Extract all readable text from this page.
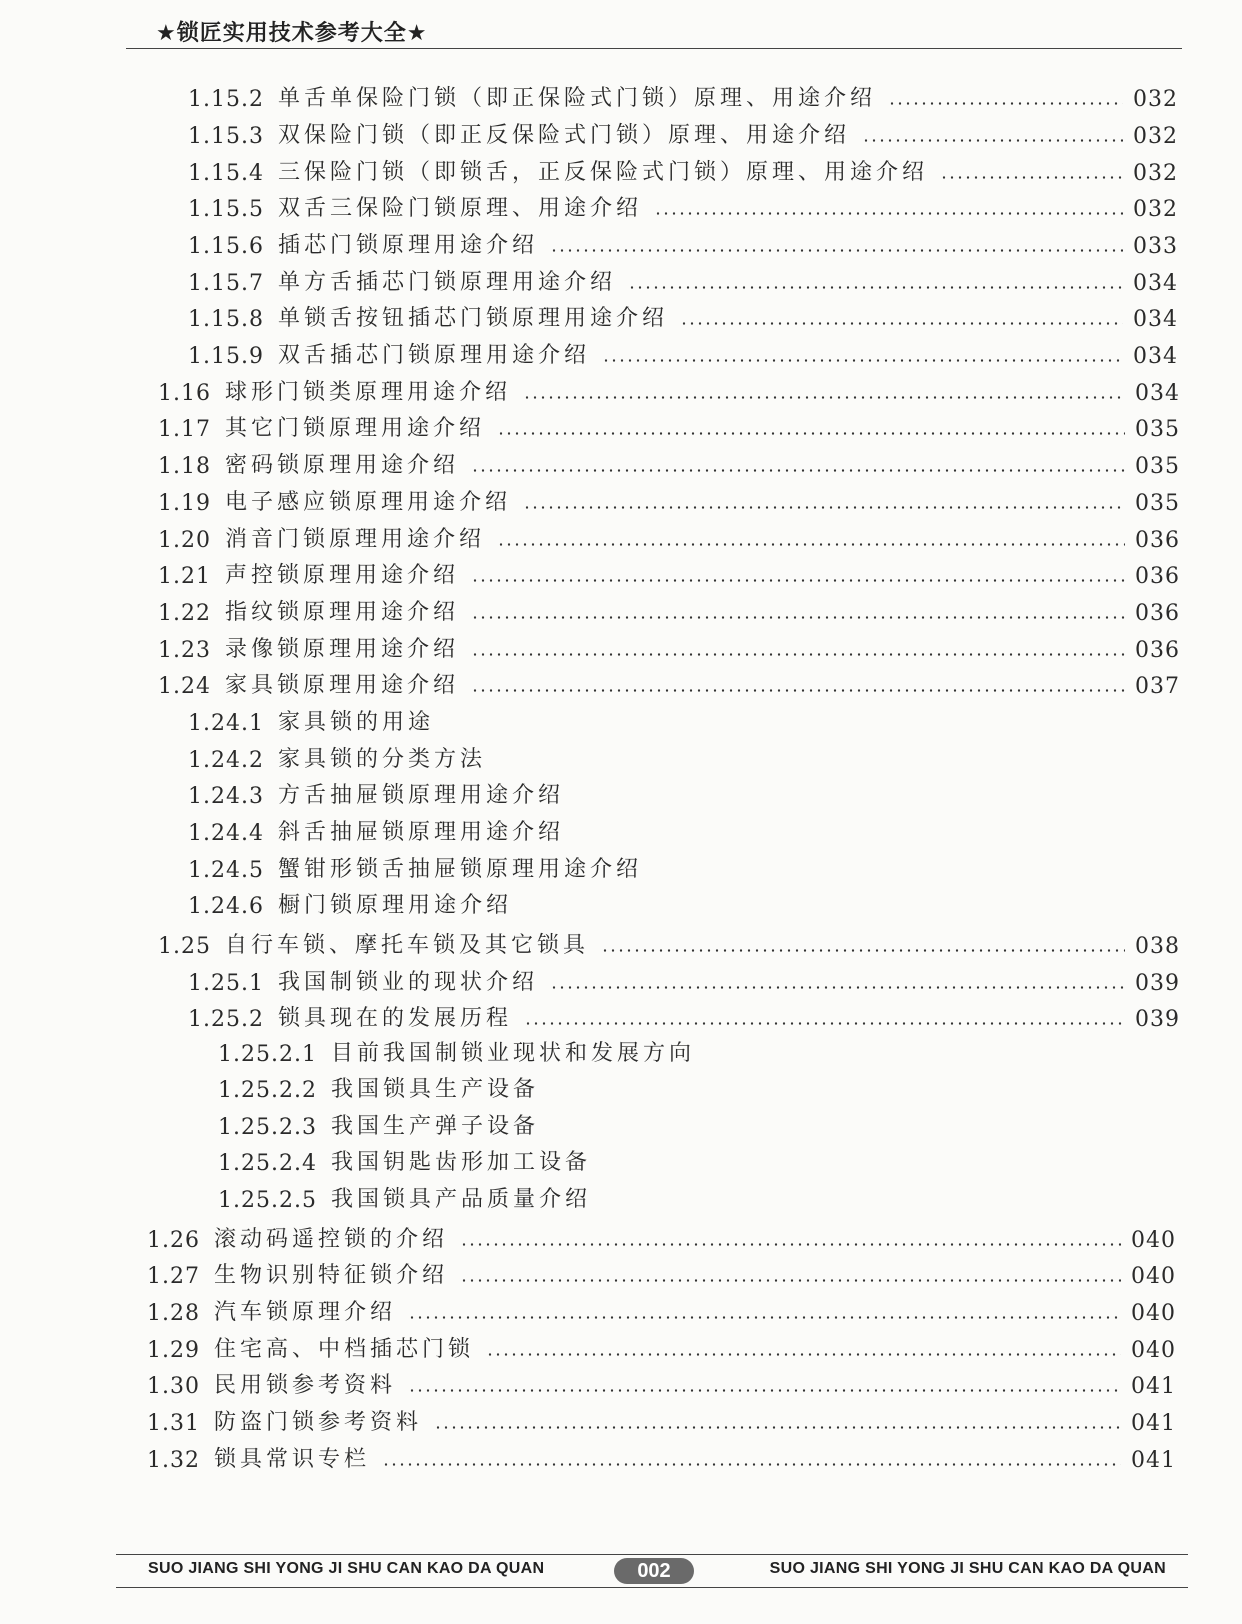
★锁匠实用技术参考大全★
1.15.2 单舌单保险门锁（即正保险式门锁）原理、用途介绍	032
1.15.3 双保险门锁（即正反保险式门锁）原理、用途介绍	032
1.15.4 三保险门锁（即锁舌，正反保险式门锁）原理、用途介绍	032
1.15.5 双舌三保险门锁原理、用途介绍	032
1.15.6 插芯门锁原理用途介绍	033
1.15.7 单方舌插芯门锁原理用途介绍	034
1.15.8 单锁舌按钮插芯门锁原理用途介绍	034
1.15.9 双舌插芯门锁原理用途介绍	034
1.16 球形门锁类原理用途介绍	034
1.17 其它门锁原理用途介绍	035
1.18 密码锁原理用途介绍	035
1.19 电子感应锁原理用途介绍	035
1.20 消音门锁原理用途介绍	036
1.21 声控锁原理用途介绍	036
1.22 指纹锁原理用途介绍	036
1.23 录像锁原理用途介绍	036
1.24 家具锁原理用途介绍	037
1.24.1 家具锁的用途
1.24.2 家具锁的分类方法
1.24.3 方舌抽屉锁原理用途介绍
1.24.4 斜舌抽屉锁原理用途介绍
1.24.5 蟹钳形锁舌抽屉锁原理用途介绍
1.24.6 橱门锁原理用途介绍
1.25 自行车锁、摩托车锁及其它锁具	038
1.25.1 我国制锁业的现状介绍	039
1.25.2 锁具现在的发展历程	039
1.25.2.1 目前我国制锁业现状和发展方向
1.25.2.2 我国锁具生产设备
1.25.2.3 我国生产弹子设备
1.25.2.4 我国钥匙齿形加工设备
1.25.2.5 我国锁具产品质量介绍
1.26 滚动码遥控锁的介绍	040
1.27 生物识别特征锁介绍	040
1.28 汽车锁原理介绍	040
1.29 住宅高、中档插芯门锁	040
1.30 民用锁参考资料	041
1.31 防盗门锁参考资料	041
1.32 锁具常识专栏	041
SUO JIANG SHI YONG JI SHU CAN KAO DA QUAN	002	SUO JIANG SHI YONG JI SHU CAN KAO DA QUAN
